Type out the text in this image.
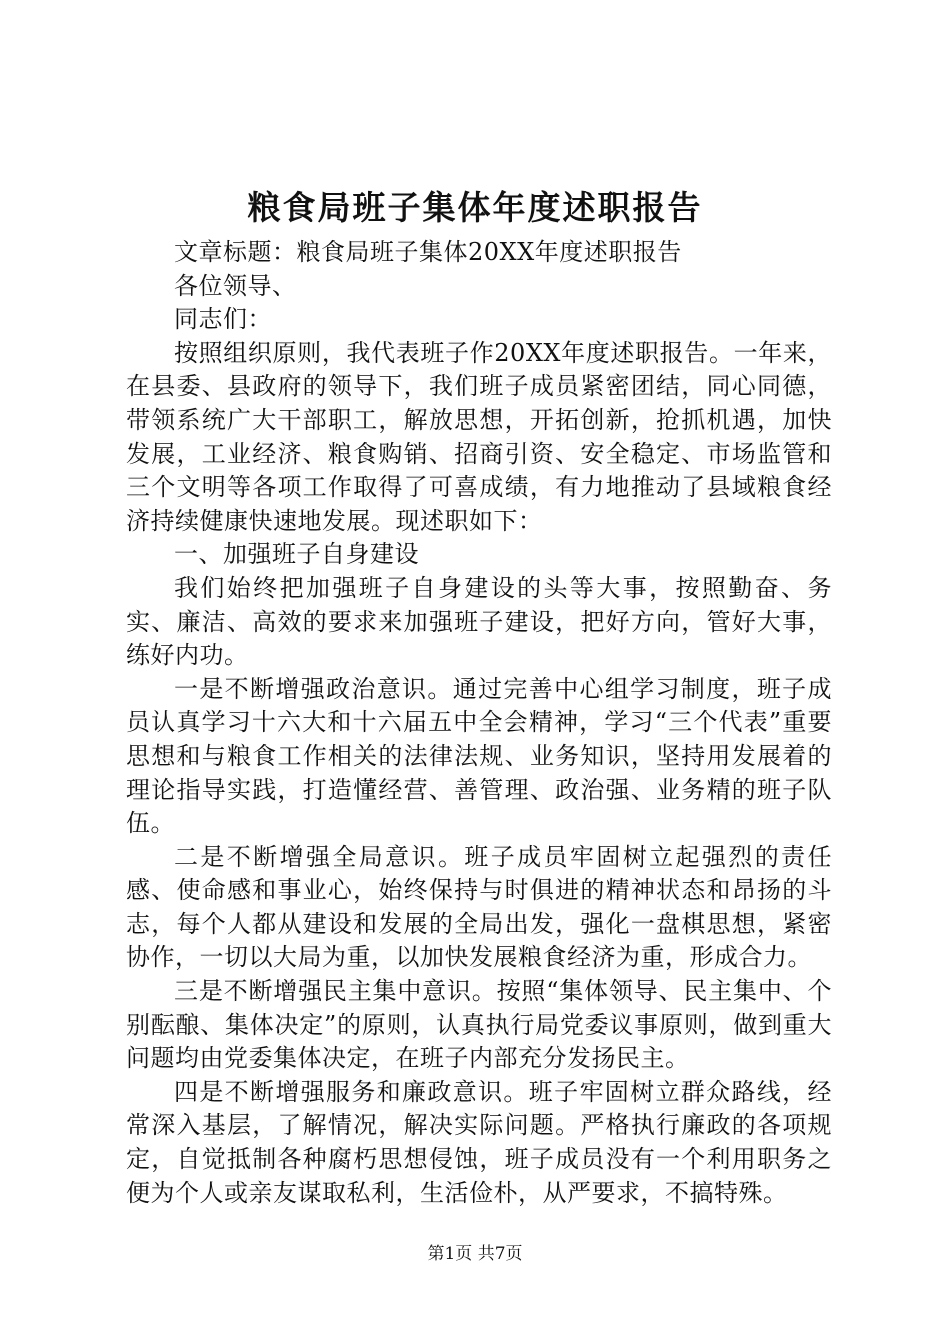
粮食局班子集体年度述职报告

文章标题：粮食局班子集体20XX年度述职报告

各位领导、

同志们：

按照组织原则，我代表班子作20XX年度述职报告。一年来，在县委、县政府的领导下，我们班子成员紧密团结，同心同德，带领系统广大干部职工，解放思想，开拓创新，抢抓机遇，加快发展，工业经济、粮食购销、招商引资、安全稳定、市场监管和三个文明等各项工作取得了可喜成绩，有力地推动了县域粮食经济持续健康快速地发展。现述职如下：

一、加强班子自身建设

我们始终把加强班子自身建设的头等大事，按照勤奋、务实、廉洁、高效的要求来加强班子建设，把好方向，管好大事，练好内功。

一是不断增强政治意识。通过完善中心组学习制度，班子成员认真学习十六大和十六届五中全会精神，学习“三个代表”重要思想和与粮食工作相关的法律法规、业务知识，坚持用发展着的理论指导实践，打造懂经营、善管理、政治强、业务精的班子队伍。

二是不断增强全局意识。班子成员牢固树立起强烈的责任感、使命感和事业心，始终保持与时俱进的精神状态和昂扬的斗志，每个人都从建设和发展的全局出发，强化一盘棋思想，紧密协作，一切以大局为重，以加快发展粮食经济为重，形成合力。

三是不断增强民主集中意识。按照“集体领导、民主集中、个别酝酿、集体决定”的原则，认真执行局党委议事原则，做到重大问题均由党委集体决定，在班子内部充分发扬民主。

四是不断增强服务和廉政意识。班子牢固树立群众路线，经常深入基层，了解情况，解决实际问题。严格执行廉政的各项规定，自觉抵制各种腐朽思想侵蚀，班子成员没有一个利用职务之便为个人或亲友谋取私利，生活俭朴，从严要求，不搞特殊。

第1页 共7页
